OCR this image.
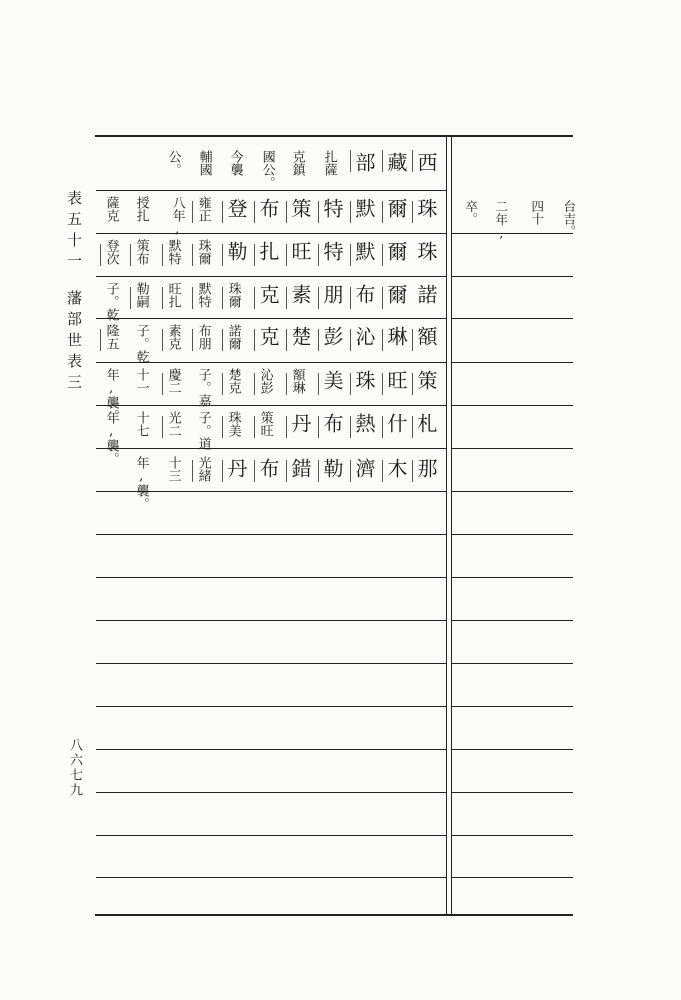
表五十一
藩部世表三
八六七九
西
藏
部
扎薩
克鎮
國公。
今襲
輔國
公。
珠
爾
默
特
策
布
登
雍正
八年,
授扎
薩克
珠
爾
默
特
旺
扎
勒
珠爾
默特
策布
登次
諾
爾
布
朋
素
克
珠爾
默特
旺扎
勒嗣
子。乾
額
琳
沁
彭
楚
克
諾爾
布朋
素克
子。乾
隆五
策
旺
珠
美
額琳
沁彭
楚克
子。嘉
慶二
十一
年,襲。
札
什
熱
布
丹
策旺
珠美
子。道
光二
十七
年,襲。
那
木
濟
勒
錯
布
丹
光緒
十三
年,襲。
台吉。
四十
年,
二
卒。
